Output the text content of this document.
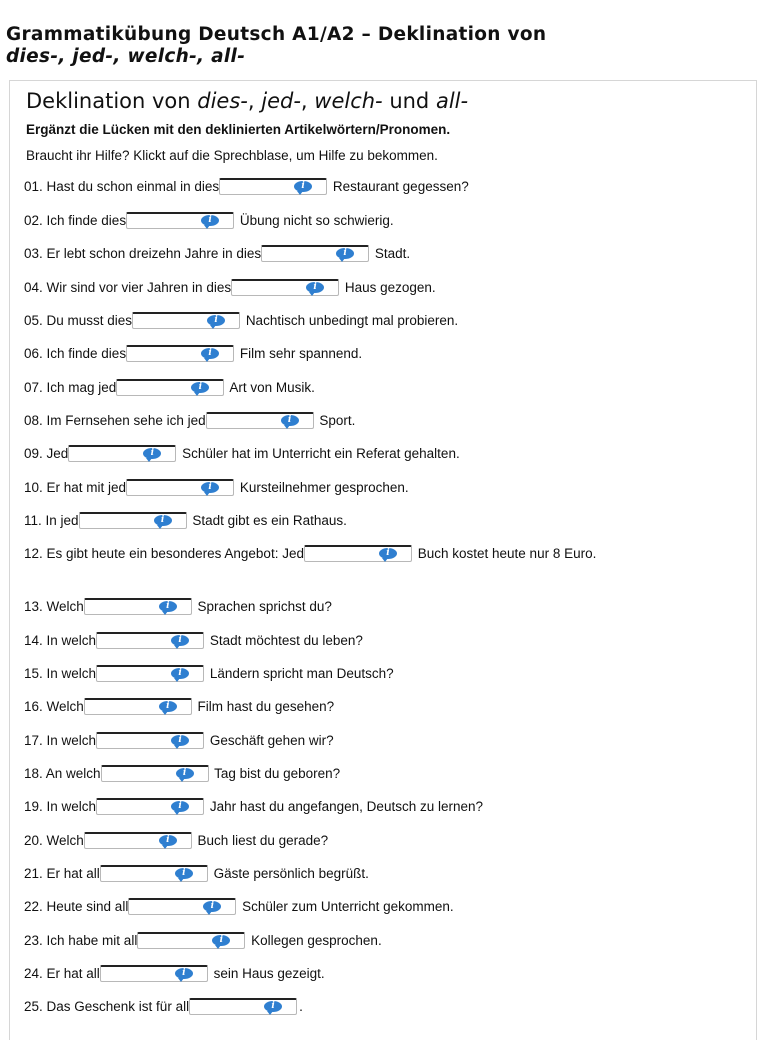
Grammatikübung Deutsch A1/A2 – Deklination von
dies-, jed-, welch-, all-
Deklination von dies-, jed-, welch- und all-
Ergänzt die Lücken mit den deklinierten Artikelwörtern/Pronomen.
Braucht ihr Hilfe? Klickt auf die Sprechblase, um Hilfe zu bekommen.
01. Hast du schon einmal in dies	i	Restaurant gegessen?
02. Ich finde dies	i	Übung nicht so schwierig.
03. Er lebt schon dreizehn Jahre in dies	i	Stadt.
04. Wir sind vor vier Jahren in dies	i	Haus gezogen.
05. Du musst dies	i	Nachtisch unbedingt mal probieren.
06. Ich finde dies	i	Film sehr spannend.
07. Ich mag jed	i	Art von Musik.
08. Im Fernsehen sehe ich jed	i	Sport.
09. Jed	i	Schüler hat im Unterricht ein Referat gehalten.
10. Er hat mit jed	i	Kursteilnehmer gesprochen.
11. In jed	i	Stadt gibt es ein Rathaus.
12. Es gibt heute ein besonderes Angebot: Jed	i	Buch kostet heute nur 8 Euro.
13. Welch	i	Sprachen sprichst du?
14. In welch	i	Stadt möchtest du leben?
15. In welch	i	Ländern spricht man Deutsch?
16. Welch	i	Film hast du gesehen?
17. In welch	i	Geschäft gehen wir?
18. An welch	i	Tag bist du geboren?
19. In welch	i	Jahr hast du angefangen, Deutsch zu lernen?
20. Welch	i	Buch liest du gerade?
21. Er hat all	i	Gäste persönlich begrüßt.
22. Heute sind all	i	Schüler zum Unterricht gekommen.
23. Ich habe mit all	i	Kollegen gesprochen.
24. Er hat all	i	sein Haus gezeigt.
25. Das Geschenk ist für all	i	.
